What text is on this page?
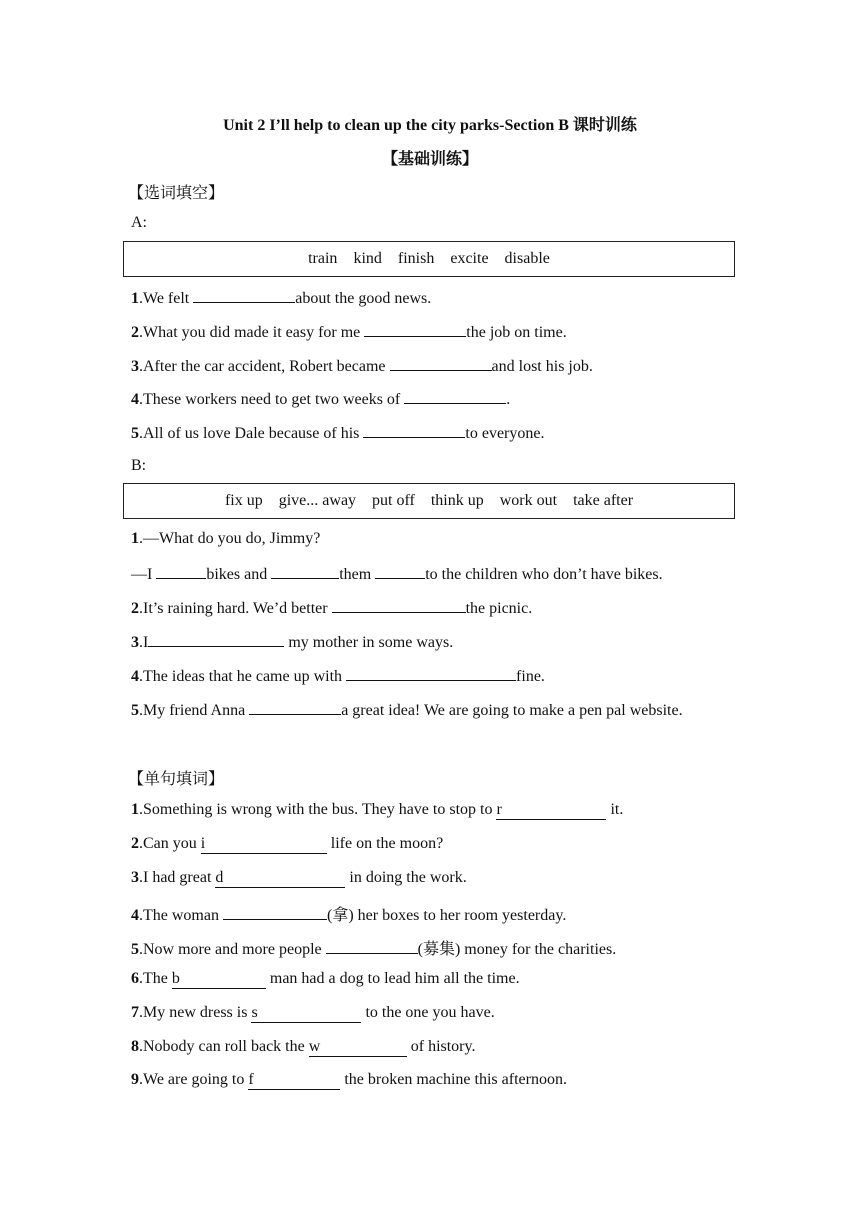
Unit 2 I’ll help to clean up the city parks-Section B 课时训练
【基础训练】
【选词填空】
A:
train kind finish excite disable
1.We felt	about the good news.
2.What you did made it easy for me	the job on time.
3.After the car accident, Robert became	and lost his job.
4.These workers need to get two weeks of	.
5.All of us love Dale because of his	to everyone.
B:
fix up give... away put off think up work out take after
1.—What do you do, Jimmy?
—I	bikes and	them	to the children who don’t have bikes.
2.It’s raining hard. We’d better	the picnic.
3.I	my mother in some ways.
4.The ideas that he came up with	fine.
5.My friend Anna	a great idea! We are going to make a pen pal website.
【单句填词】
1.Something is wrong with the bus. They have to stop to r	it.
2.Can you i	life on the moon?
3.I had great d	in doing the work.
4.The woman	(拿) her boxes to her room yesterday.
5.Now more and more people	(募集) money for the charities.
6.The b	man had a dog to lead him all the time.
7.My new dress is s	to the one you have.
8.Nobody can roll back the w	of history.
9.We are going to f	the broken machine this afternoon.
